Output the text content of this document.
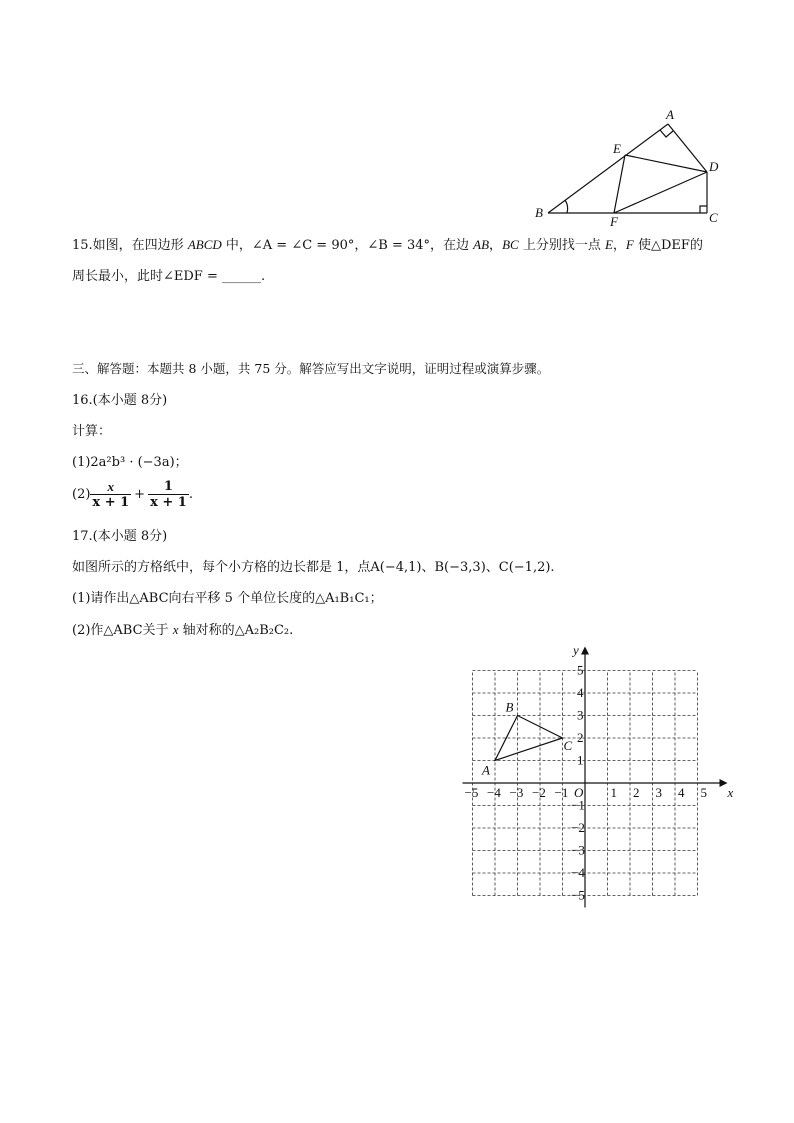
A
E
D
B
F	C
15.如图，在四边形 ABCD 中，∠A = ∠C = 90°，∠B = 34°，在边 AB，BC 上分别找一点 E，F 使△DEF的
周长最小，此时∠EDF = ______.
三、解答题：本题共 8 小题，共 75 分。解答应写出文字说明，证明过程或演算步骤。
16.(本小题 8分)
计算：
(1)2a²b³ · (−3a)；
$(2) \frac{x}{x + 1} + \frac{1}{x + 1}$ .
17.(本小题 8分)
如图所示的方格纸中，每个小方格的边长都是 1，点A(−4,1)、B(−3,3)、C(−1,2).
(1)请作出△ABC向右平移 5 个单位长度的△A₁B₁C₁；
(2)作△ABC关于 x 轴对称的△A₂B₂C₂.
−5 −4 −3 −2 −1	1 2 3 4 5
5
4
3
2
1
−1
−2
−3
−4
−5
x
y
O
A
B
C
